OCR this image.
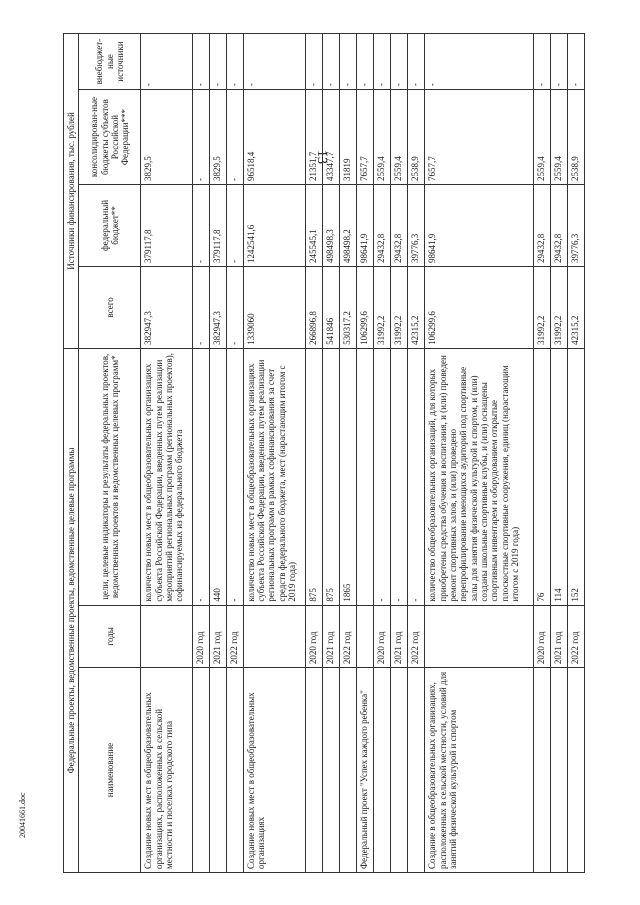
13
20041661.doc
Федеральные проекты, ведомственные проекты, ведомственные целевые программы			Источники финансирования, тыс. рублей			
наименование	годы	цели, целевые индикаторы и результаты федеральных проектов, ведомственных проектов и ведомственных целевых программ*	всего	федеральный бюджет**	консолидирован-ные бюджеты субъектов Российской Федерации***	внебюджет-ные источники
Создание новых мест в общеобразовательных организациях, расположенных в сельской местности и поселках городского типа		количество новых мест в общеобразовательных организациях субъекта Российской Федерации, введенных путем реализации мероприятий региональных программ (региональных проектов), софинансируемых из федерального бюджета	382947,3	379117,8	3829,5	-
	2020 год	-	-	-	-	-
	2021 год	440	382947,3	379117,8	3829,5	-
	2022 год	-	-	-	-	-
Создание новых мест в общеобразовательных организациях		количество новых мест в общеобразовательных организациях субъекта Российской Федерации, введенных путем реализации региональных программ в рамках софинансирования за счет средств федерального бюджета, мест (нарастающим итогом с 2019 года)	1339060	1242541,6	96518,4	-
	2020 год	875	266896,8	245545,1	21351,7	-
	2021 год	875	541846	498498,3	43347,7	-
	2022 год	1865	530317,2	498498,2	31819	-
Федеральный проект "Успех каждого ребенка"			106299,6	98641,9	7657,7	-
	2020 год	-	31992,2	29432,8	2559,4	-
	2021 год	-	31992,2	29432,8	2559,4	-
	2022 год	-	42315,2	39776,3	2538,9	-
Создание в общеобразовательных организациях, расположенных в сельской местности, условий для занятий физической культурой и спортом		количество общеобразовательных организаций, для которых приобретены средства обучения и воспитания, и (или) проведен ремонт спортивных залов, и (или) проведено перепрофилирование имеющихся аудиторий под спортивные залы для занятия физической культурой и спортом, и (или) созданы школьные спортивные клубы, и (или) оснащены спортивным инвентарем и оборудованием открытые плоскостные спортивные сооружения, единиц (нарастающим итогом с 2019 года)	106299,6	98641,9	7657,7	-
	2020 год	76	31992,2	29432,8	2559,4	-
	2021 год	114	31992,2	29432,8	2559,4	-
	2022 год	152	42315,2	39776,3	2538,9	-
